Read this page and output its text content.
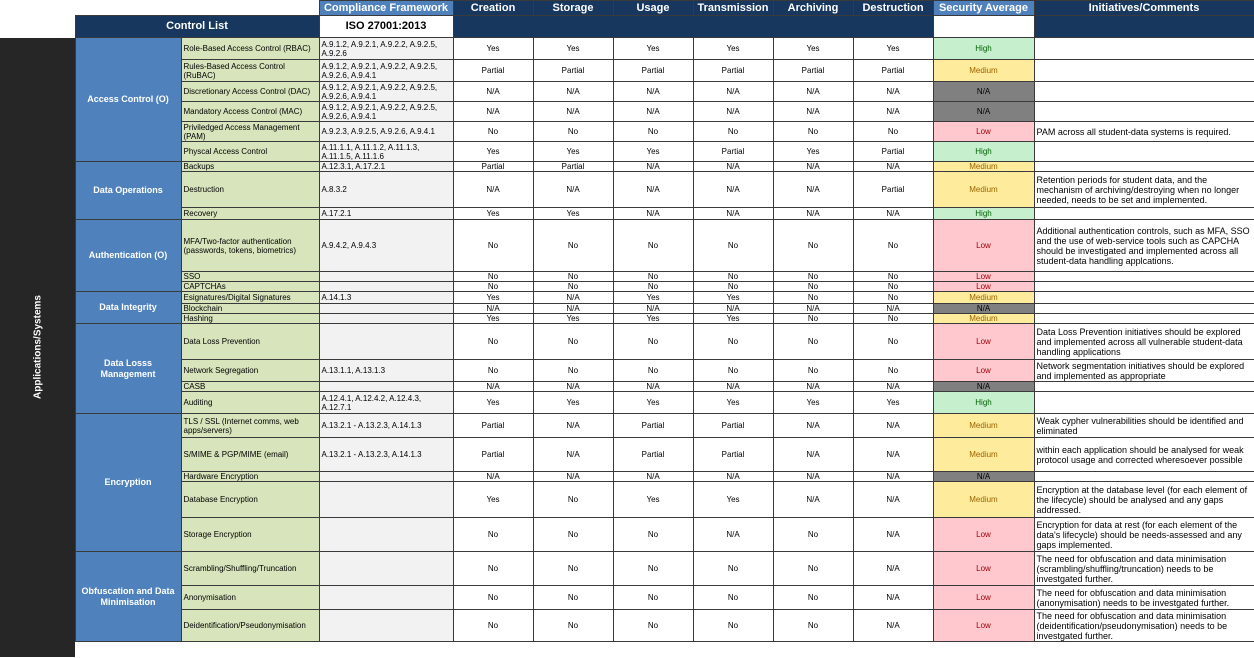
Applications/Systems
			Compliance Framework	Creation	Storage	Usage	Transmission	Archiving	Destruction	Security Average	Initiatives/Comments
	Control List		ISO 27001:2013								
	Access Control (O)	Role-Based Access Control (RBAC)	A.9.1.2, A.9.2.1, A.9.2.2, A.9.2.5, A.9.2.6	Yes	Yes	Yes	Yes	Yes	Yes	High	
		Rules-Based Access Control (RuBAC)	A.9.1.2, A.9.2.1, A.9.2.2, A.9.2.5, A.9.2.6, A.9.4.1	Partial	Partial	Partial	Partial	Partial	Partial	Medium	
		Discretionary Access Control (DAC)	A.9.1.2, A.9.2.1, A.9.2.2, A.9.2.5, A.9.2.6, A.9.4.1	N/A	N/A	N/A	N/A	N/A	N/A	N/A	
		Mandatory Access Control (MAC)	A.9.1.2, A.9.2.1, A.9.2.2, A.9.2.5, A.9.2.6, A.9.4.1	N/A	N/A	N/A	N/A	N/A	N/A	N/A	
		Priviledged Access Management (PAM)	A.9.2.3, A.9.2.5, A.9.2.6, A.9.4.1	No	No	No	No	No	No	Low	PAM across all student-data systems is required.
		Physcal Access Control	A.11.1.1, A.11.1.2, A.11.1.3, A.11.1.5, A.11.1.6	Yes	Yes	Yes	Partial	Yes	Partial	High	
	Data Operations	Backups	A.12.3.1, A.17.2.1	Partial	Partial	N/A	N/A	N/A	N/A	Medium	
		Destruction	A.8.3.2	N/A	N/A	N/A	N/A	N/A	Partial	Medium	Retention periods for student data, and the mechanism of archiving/destroying when no longer needed, needs to be set and implemented.
		Recovery	A.17.2.1	Yes	Yes	N/A	N/A	N/A	N/A	High	
	Authentication (O)	MFA/Two-factor authentication (passwords, tokens, biometrics)	A.9.4.2, A.9.4.3	No	No	No	No	No	No	Low	Additional authentication controls, such as MFA, SSO and the use of web-service tools such as CAPCHA should be investigated and implemented across all student-data handling applcations.
		SSO		No	No	No	No	No	No	Low	
		CAPTCHAs		No	No	No	No	No	No	Low	
	Data Integrity	Esignatures/Digital Signatures	A.14.1.3	Yes	N/A	Yes	Yes	No	No	Medium	
		Blockchain		N/A	N/A	N/A	N/A	N/A	N/A	N/A	
		Hashing		Yes	Yes	Yes	Yes	No	No	Medium	
	Data Losss Management	Data Loss Prevention		No	No	No	No	No	No	Low	Data Loss Prevention initiatives should be explored and implemented across all vulnerable student-data handling applications
		Network Segregation	A.13.1.1, A.13.1.3	No	No	No	No	No	No	Low	Network segmentation initiatives should be explored and implemented as appropriate
		CASB		N/A	N/A	N/A	N/A	N/A	N/A	N/A	
		Auditing	A.12.4.1, A.12.4.2, A.12.4.3, A.12.7.1	Yes	Yes	Yes	Yes	Yes	Yes	High	
	Encryption	TLS / SSL (Internet comms, web apps/servers)	A.13.2.1 - A.13.2.3, A.14.1.3	Partial	N/A	Partial	Partial	N/A	N/A	Medium	Weak cypher vulnerabilities should be identified and eliminated
		S/MIME & PGP/MIME (email)	A.13.2.1 - A.13.2.3, A.14.1.3	Partial	N/A	Partial	Partial	N/A	N/A	Medium	within each application should be analysed for weak protocol usage and corrected wheresoever possible
		Hardware Encryption		N/A	N/A	N/A	N/A	N/A	N/A	N/A	
		Database Encryption		Yes	No	Yes	Yes	N/A	N/A	Medium	Encryption at the database level (for each element of the lifecycle) should be analysed and any gaps addressed.
		Storage Encryption		No	No	No	N/A	No	N/A	Low	Encryption for data at rest (for each element of the data's lifecycle) should be needs-assessed and any gaps implemented.
	Obfuscation and Data Minimisation	Scrambling/Shuffling/Truncation		No	No	No	No	No	N/A	Low	The need for obfuscation and data minimisation (scrambling/shuffling/truncation) needs to be investgated further.
		Anonymisation		No	No	No	No	No	N/A	Low	The need for obfuscation and data minimisation (anonymisation) needs to be investgated further.
		Deidentification/Pseudonymisation		No	No	No	No	No	N/A	Low	The need for obfuscation and data minimisation (deidentification/pseudonymisation) needs to be investgated further.
